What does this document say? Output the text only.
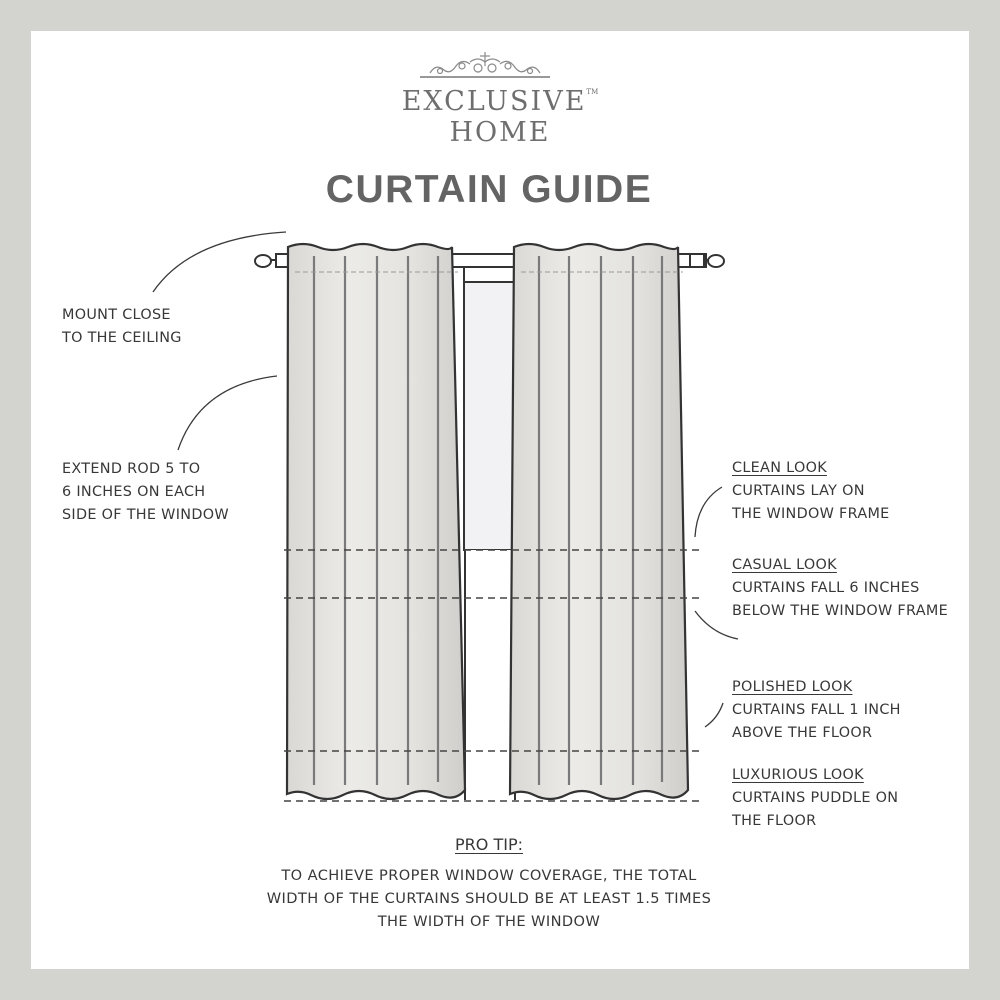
EXCLUSIVE™
HOME
CURTAIN GUIDE
MOUNT CLOSE
TO THE CEILING
EXTEND ROD 5 TO
6 INCHES ON EACH
SIDE OF THE WINDOW
CLEAN LOOK
CURTAINS LAY ON
THE WINDOW FRAME
CASUAL LOOK
CURTAINS FALL 6 INCHES
BELOW THE WINDOW FRAME
POLISHED LOOK
CURTAINS FALL 1 INCH
ABOVE THE FLOOR
LUXURIOUS LOOK
CURTAINS PUDDLE ON
THE FLOOR
PRO TIP:
TO ACHIEVE PROPER WINDOW COVERAGE, THE TOTAL
WIDTH OF THE CURTAINS SHOULD BE AT LEAST 1.5 TIMES
THE WIDTH OF THE WINDOW
